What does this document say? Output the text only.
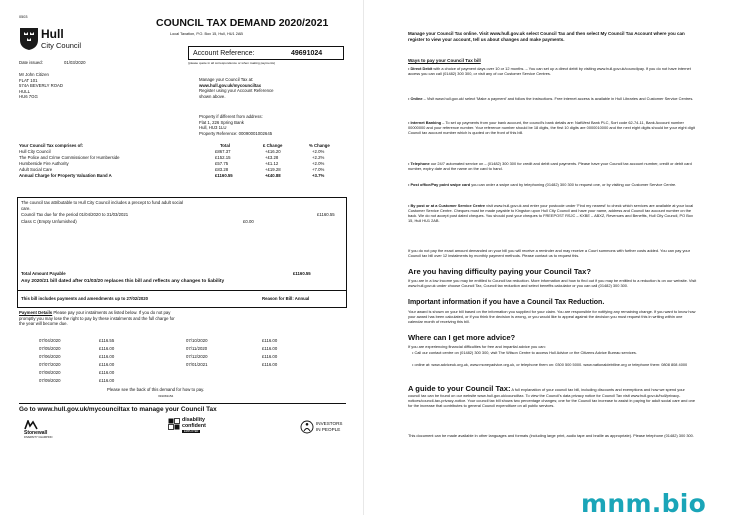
0503
Hull
City Council
COUNCIL TAX DEMAND 2020/2021
Local Taxation, P.O. Box 15, Hull, HU1 2AB
Account Reference:	49691024
(please quote in all correspondence or when making payments)
Date issued:	01/03/2020
Mr John Citizen
FLAT 101
574A BEVERLY ROAD
HULL
HU6 7GG
Manage your Council Tax at:
www.hull.gov.uk/mycounciltax
Register using your Account Reference
shown above.
Property if different from address:
Flat 1, 226 Spring Bank
Hull, HU3 1LU
Property Reference: 00090001002645
Your Council Tax comprises of:	Total	£ Change	% Change
Hull City Council	£867.37	+£16.20	+2.0%
The Police and Crime Commissioner for Humberside	£152.15	+£3.28	+2.2%
Humberside Fire Authority	£57.75	+£1.12	+2.0%
Adult Social Care	£83.28	+£19.28	+7.0%
Annual Charge for Property Valuation Band A	£1160.55	+£40.88	+3.7%
The council tax attributable to Hull City Council includes a precept to fund adult social
care.
Council Tax due for the period 01/04/2020 to 31/03/2021	£1160.55
Class C (Empty Unfurnished)	£0.00
Total Amount Payable	£1160.55
Any 2020/21 bill dated after 01/03/20 replaces this bill and reflects any changes to liability
This bill includes payments and amendments up to 27/02/2020	Reason for Bill: Annual
Payment Details Please pay your instalments as listed below. If you do not pay
promptly you may lose the right to pay by these instalments and the full charge for
the year will become due.
07/04/2020	£116.55	07/10/2020	£116.00
07/05/2020	£116.00	07/11/2020	£116.00
07/06/2020	£116.00	07/12/2020	£116.00
07/07/2020	£116.00	07/01/2021	£116.00
07/08/2020	£116.00
07/09/2020	£116.00
Please see the back of this demand for how to pay.
391081154
Go to www.hull.gov.uk/mycounciltax to manage your Council Tax
Stonewall
DIVERSITY CHAMPION
disability
confident
EMPLOYER
INVESTORS
IN PEOPLE
Manage your Council Tax online. Visit www.hull.gov.uk select Council Tax and then select My Council Tax Account where you can register to view your account, tell us about changes and make payments.
Ways to pay your Council Tax bill
• Direct Debit with a choice of payment days over 10 or 12 months. – You can set up a direct debit by visiting www.hull.gov.uk/councilpay. If you do not have internet access you can call (01482) 300 300, or visit any of our Customer Service Centres.
• Online – Visit www.hull.gov.uk/ select 'Make a payment' and follow the instructions. Free internet access is available in Hull Libraries and Customer Service Centres.
• Internet Banking – To set up payments from your bank account, the council's bank details are: NatWest Bank PLC, Sort code 62-74-11, Bank Account number 00000000 and your reference number. Your reference number should be 18 digits, the first 10 digits are 0000010000 and the next eight digits should be your eight digit Council tax account number which is quoted on the front of this bill.
• Telephone our 24/7 automated service on – (01482) 300 300 for credit and debit card payments. Please have your Council tax account number, credit or debit card number, expiry date and the name on the card to hand.
• Post office/Pay point swipe card you can order a swipe card by telephoning (01482) 300 300 to request one, or by visiting our Customer Service Centre.
• By post or at a Customer Service Centre visit www.hull.gov.uk and enter your postcode under 'Find my nearest' to check which services are available at your local Customer Service Centre. Cheques must be made payable to Kingston upon Hull City Council and have your name, address and Council tax account number on the back. We do not accept post dated cheques. You should post your cheques to FREEPOST RSJC – KXBE – ABXZ, Revenues and Benefits, Hull City Council, PO Box 15, Hull HU1 2AB.
If you do not pay the exact amount demanded on your bill you will receive a reminder and may receive a Court summons with further costs added. You can pay your Council tax bill over 12 instalments by monthly payment methods. Please contact us to request this.
Are you having difficulty paying your Council Tax?
If you are in a low income you may be entitled to Council tax reduction. More information and how to find out if you may be entitled to a reduction is on our website. Visit www.hull.gov.uk under choose Council Tax, Council tax reduction and select benefits calculator or you can call (01482) 300 300.
Important information if you have a Council Tax Reduction.
Your award is shown on your bill based on the information you supplied for your claim. You are responsible for notifying any remaining change. If you want to know how your award has been calculated, or if you think the decision is wrong, or you would like to appeal against the decision you must request this in writing within one calendar month of receiving this bill.
Where can I get more advice?
If you are experiencing financial difficulties for free and impartial advice you can:
• Call our contact centre on (01482) 300 300, visit The Wilson Centre to access Hull Advice or the Citizens Advice Bureau services.
• online at: www.adviceuk.org.uk, www.moneyadvice.org.uk, or telephone them on: 0300 500 5000. www.nationaldebtline.org or telephone them: 0808 808 4000
A guide to your Council Tax: A full explanation of your council tax bill, including discounts and exemptions and how we spend your council tax can be found on our website www.hull.gov.uk/counciltax. To view the Council's data privacy notice for Council Tax visit www.hull.gov.uk/hull/privacy-notices/council-tax-privacy-notice. Your council tax bill shows two percentage changes; one for the Council tax increase to assist in paying for adult social care and one for the increase that contributes to general Council expenditure on all public services.
This document can be made available in other languages and formats (including large print, audio tape and braille as appropriate). Please telephone (01482) 300 300.
mnm.bio
